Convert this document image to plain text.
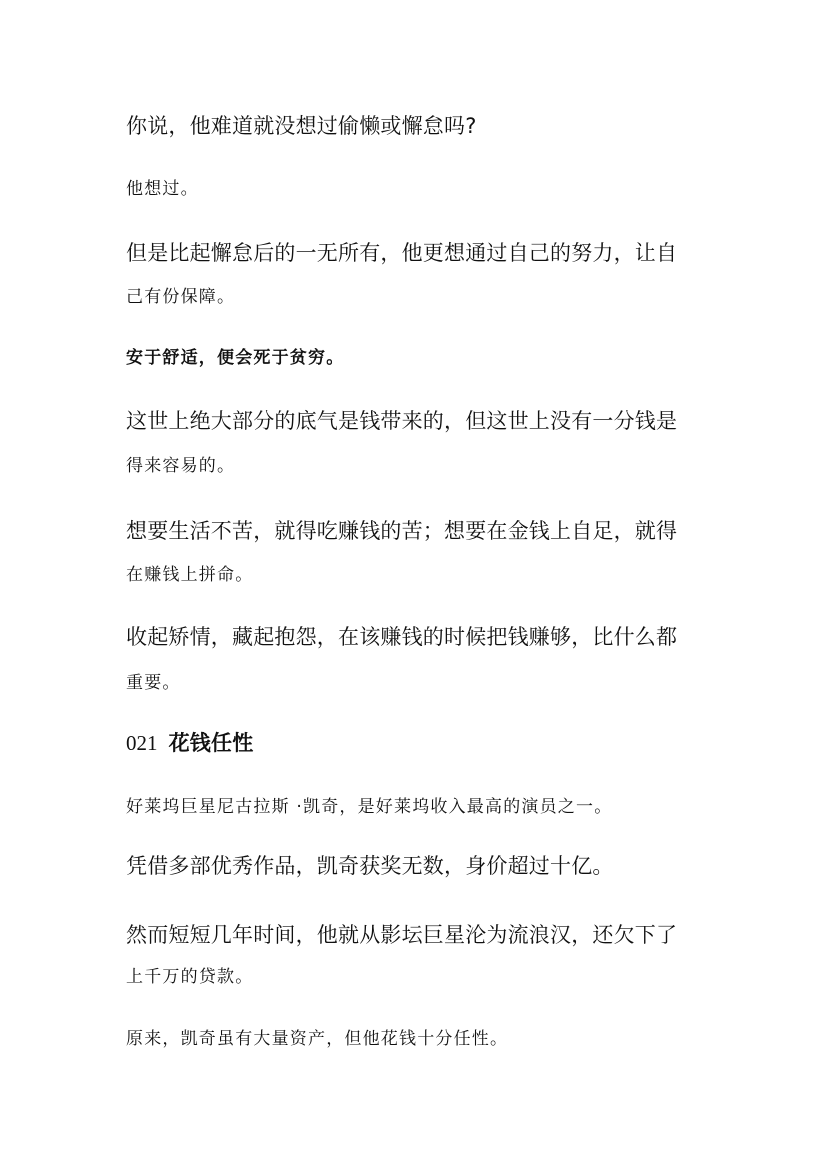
你说，他难道就没想过偷懒或懈怠吗?
他想过。
但是比起懈怠后的一无所有，他更想通过自己的努力，让自
己有份保障。
安于舒适，便会死于贫穷。
这世上绝大部分的底气是钱带来的，但这世上没有一分钱是
得来容易的。
想要生活不苦，就得吃赚钱的苦；想要在金钱上自足，就得
在赚钱上拼命。
收起矫情，藏起抱怨，在该赚钱的时候把钱赚够，比什么都
重要。
021 花钱任性
好莱坞巨星尼古拉斯 ·凯奇，是好莱坞收入最高的演员之一。
凭借多部优秀作品，凯奇获奖无数，身价超过十亿。
然而短短几年时间，他就从影坛巨星沦为流浪汉，还欠下了
上千万的贷款。
原来，凯奇虽有大量资产，但他花钱十分任性。
